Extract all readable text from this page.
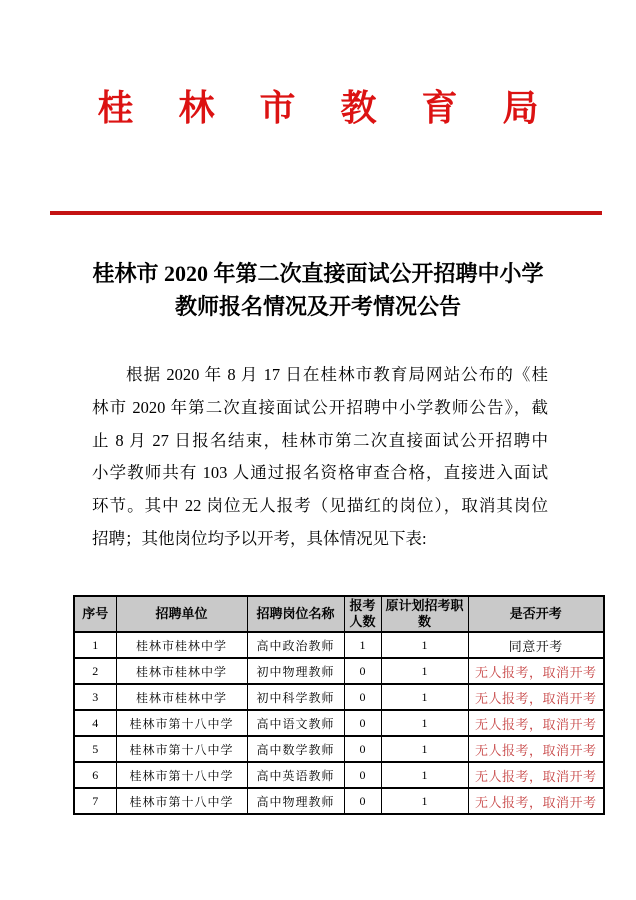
桂林市教育局
桂林市 2020 年第二次直接面试公开招聘中小学
教师报名情况及开考情况公告
根据 2020 年 8 月 17 日在桂林市教育局网站公布的《桂
林市 2020 年第二次直接面试公开招聘中小学教师公告》，截
止 8 月 27 日报名结束，桂林市第二次直接面试公开招聘中
小学教师共有 103 人通过报名资格审查合格，直接进入面试
环节。其中 22 岗位无人报考（见描红的岗位），取消其岗位
招聘；其他岗位均予以开考，具体情况见下表:
序号	招聘单位	招聘岗位名称	报考人数	原计划招考职数	是否开考
1	桂林市桂林中学	高中政治教师	1	1	同意开考
2	桂林市桂林中学	初中物理教师	0	1	无人报考，取消开考
3	桂林市桂林中学	初中科学教师	0	1	无人报考，取消开考
4	桂林市第十八中学	高中语文教师	0	1	无人报考，取消开考
5	桂林市第十八中学	高中数学教师	0	1	无人报考，取消开考
6	桂林市第十八中学	高中英语教师	0	1	无人报考，取消开考
7	桂林市第十八中学	高中物理教师	0	1	无人报考，取消开考
